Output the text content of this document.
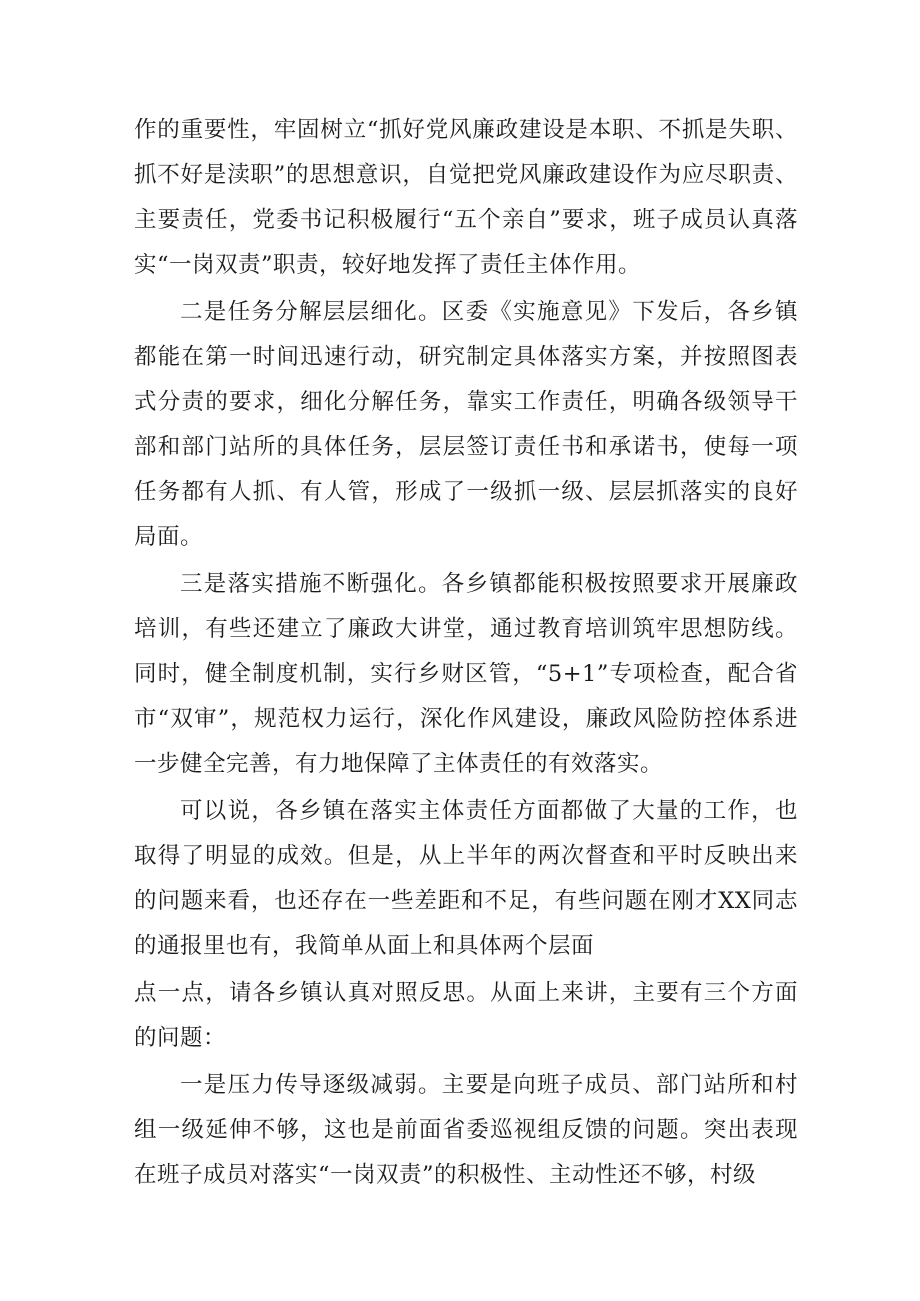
作的重要性，牢固树立“抓好党风廉政建设是本职、不抓是失职、抓不好是渎职”的思想意识，自觉把党风廉政建设作为应尽职责、主要责任，党委书记积极履行“五个亲自”要求，班子成员认真落实“一岗双责”职责，较好地发挥了责任主体作用。

二是任务分解层层细化。区委《实施意见》下发后，各乡镇都能在第一时间迅速行动，研究制定具体落实方案，并按照图表式分责的要求，细化分解任务，靠实工作责任，明确各级领导干部和部门站所的具体任务，层层签订责任书和承诺书，使每一项任务都有人抓、有人管，形成了一级抓一级、层层抓落实的良好局面。

三是落实措施不断强化。各乡镇都能积极按照要求开展廉政培训，有些还建立了廉政大讲堂，通过教育培训筑牢思想防线。同时，健全制度机制，实行乡财区管，“5+1”专项检查，配合省市“双审”，规范权力运行，深化作风建设，廉政风险防控体系进一步健全完善，有力地保障了主体责任的有效落实。

可以说，各乡镇在落实主体责任方面都做了大量的工作，也取得了明显的成效。但是，从上半年的两次督查和平时反映出来的问题来看，也还存在一些差距和不足，有些问题在刚才XX同志的通报里也有，我简单从面上和具体两个层面

点一点，请各乡镇认真对照反思。从面上来讲，主要有三个方面的问题：

一是压力传导逐级减弱。主要是向班子成员、部门站所和村组一级延伸不够，这也是前面省委巡视组反馈的问题。突出表现在班子成员对落实“一岗双责”的积极性、主动性还不够，村级
